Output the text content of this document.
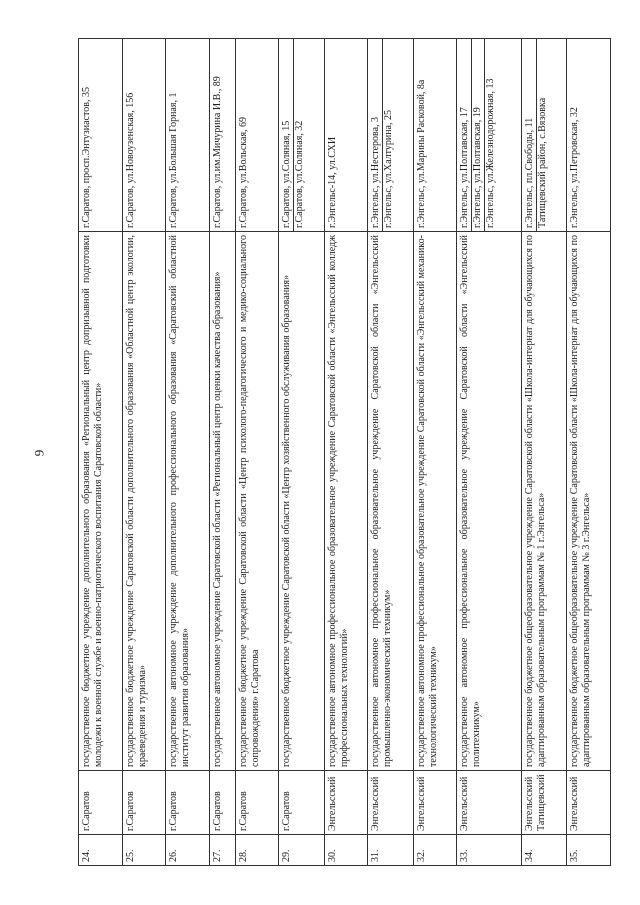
9
24.	г.Саратов	государственное бюджетное учреждение дополнительного образования «Региональный центр допризывной подготовки молодежи к военной службе и военно-патриотического воспитания Саратовской области»	г.Саратов, просп.Энтузиастов, 35

25.	г.Саратов	государственное бюджетное учреждение Саратовской области дополнительного образования «Областной центр экологии, краеведения и туризма»	г.Саратов, ул.Новоузенская, 156

26.	г.Саратов	государственное автономное учреждение дополнительного профессионального образования «Саратовский областной институт развития образования»	г.Саратов, ул.Большая Горная, 1

27.	г.Саратов	государственное автономное учреждение Саратовской области «Региональный центр оценки качества образования»	г.Саратов, ул.им.Мичурина И.В., 89

28.	г.Саратов	государственное бюджетное учреждение Саратовской области «Центр психолого-педагогического и медико-социального сопровождения» г.Саратова	г.Саратов, ул.Вольская, 69

29.	г.Саратов	государственное бюджетное учреждение Саратовской области «Центр хозяйственного обслуживания образования»	г.Саратов, ул.Соляная, 15 г.Саратов, ул.Соляная, 32

30.	Энгельсский	государственное автономное профессиональное образовательное учреждение Саратовской области «Энгельсский колледж профессиональных технологий»	г.Энгельс-14, ул.СХИ

31.	Энгельсский	государственное автономное профессиональное образовательное учреждение Саратовской области «Энгельсский промышленно-экономический техникум»	г.Энгельс, ул.Нестерова, 3 г.Энгельс, ул.Халтурина, 25

32.	Энгельсский	государственное автономное профессиональное образовательное учреждение Саратовской области «Энгельсский механико-технологический техникум»	г.Энгельс, ул.Марины Расковой, 8а

33.	Энгельсский	государственное автономное профессиональное образовательное учреждение Саратовской области «Энгельсский политехникум»	г.Энгельс, ул.Полтавская, 17 г.Энгельс, ул.Полтавская, 19 г.Энгельс, ул.Железнодорожная, 13

34.	Энгельсский Татищевский	государственное бюджетное общеобразовательное учреждение Саратовской области «Школа-интернат для обучающихся по адаптированным образовательным программам № 1 г.Энгельса»	г.Энгельс, пл.Свободы, 11 Татищевский район, с.Вязовка

35.	Энгельсский	государственное бюджетное общеобразовательное учреждение Саратовской области «Школа-интернат для обучающихся по адаптированным образовательным программам № 3 г.Энгельса»	г.Энгельс, ул.Петровская, 32
